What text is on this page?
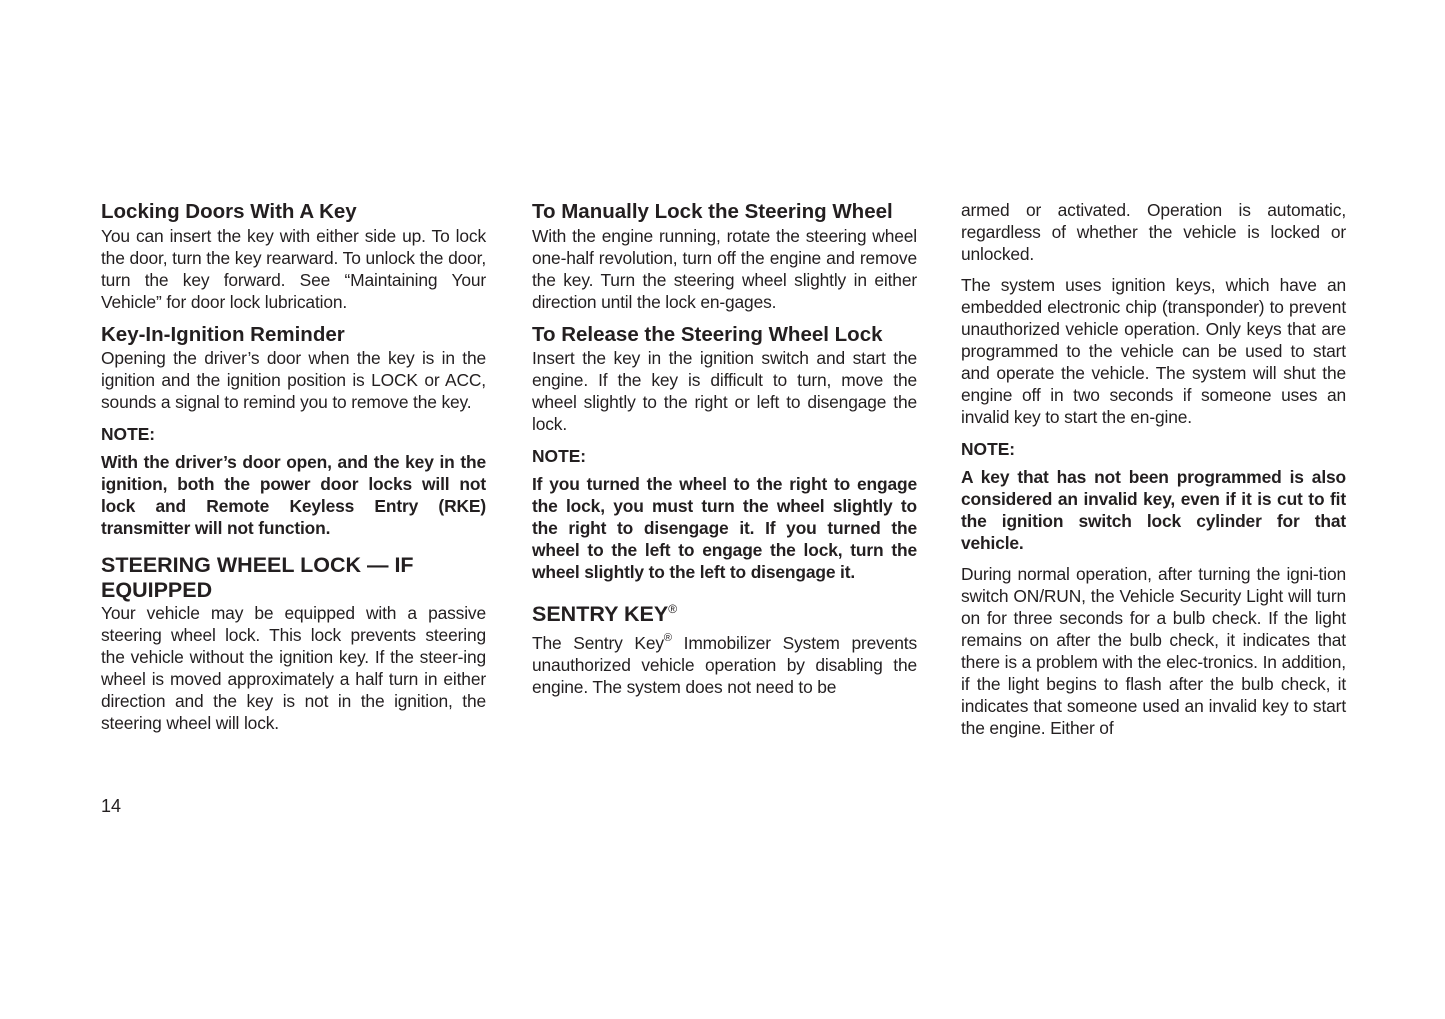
Locking Doors With A Key

You can insert the key with either side up. To lock the door, turn the key rearward. To unlock the door, turn the key forward. See “Maintaining Your Vehicle” for door lock lubrication.

Key-In-Ignition Reminder

Opening the driver’s door when the key is in the ignition and the ignition position is LOCK or ACC, sounds a signal to remind you to remove the key.

NOTE:

With the driver’s door open, and the key in the ignition, both the power door locks will not lock and Remote Keyless Entry (RKE) transmitter will not function.

STEERING WHEEL LOCK — IF EQUIPPED

Your vehicle may be equipped with a passive steering wheel lock. This lock prevents steering the vehicle without the ignition key. If the steer-ing wheel is moved approximately a half turn in either direction and the key is not in the ignition, the steering wheel will lock.

To Manually Lock the Steering Wheel

With the engine running, rotate the steering wheel one-half revolution, turn off the engine and remove the key. Turn the steering wheel slightly in either direction until the lock en-gages.

To Release the Steering Wheel Lock

Insert the key in the ignition switch and start the engine. If the key is difficult to turn, move the wheel slightly to the right or left to disengage the lock.

NOTE:

If you turned the wheel to the right to engage the lock, you must turn the wheel slightly to the right to disengage it. If you turned the wheel to the left to engage the lock, turn the wheel slightly to the left to disengage it.

SENTRY KEY®

The Sentry Key® Immobilizer System prevents unauthorized vehicle operation by disabling the engine. The system does not need to be

armed or activated. Operation is automatic, regardless of whether the vehicle is locked or unlocked.

The system uses ignition keys, which have an embedded electronic chip (transponder) to prevent unauthorized vehicle operation. Only keys that are programmed to the vehicle can be used to start and operate the vehicle. The system will shut the engine off in two seconds if someone uses an invalid key to start the en-gine.

NOTE:

A key that has not been programmed is also considered an invalid key, even if it is cut to fit the ignition switch lock cylinder for that vehicle.

During normal operation, after turning the igni-tion switch ON/RUN, the Vehicle Security Light will turn on for three seconds for a bulb check. If the light remains on after the bulb check, it indicates that there is a problem with the elec-tronics. In addition, if the light begins to flash after the bulb check, it indicates that someone used an invalid key to start the engine. Either of

14
